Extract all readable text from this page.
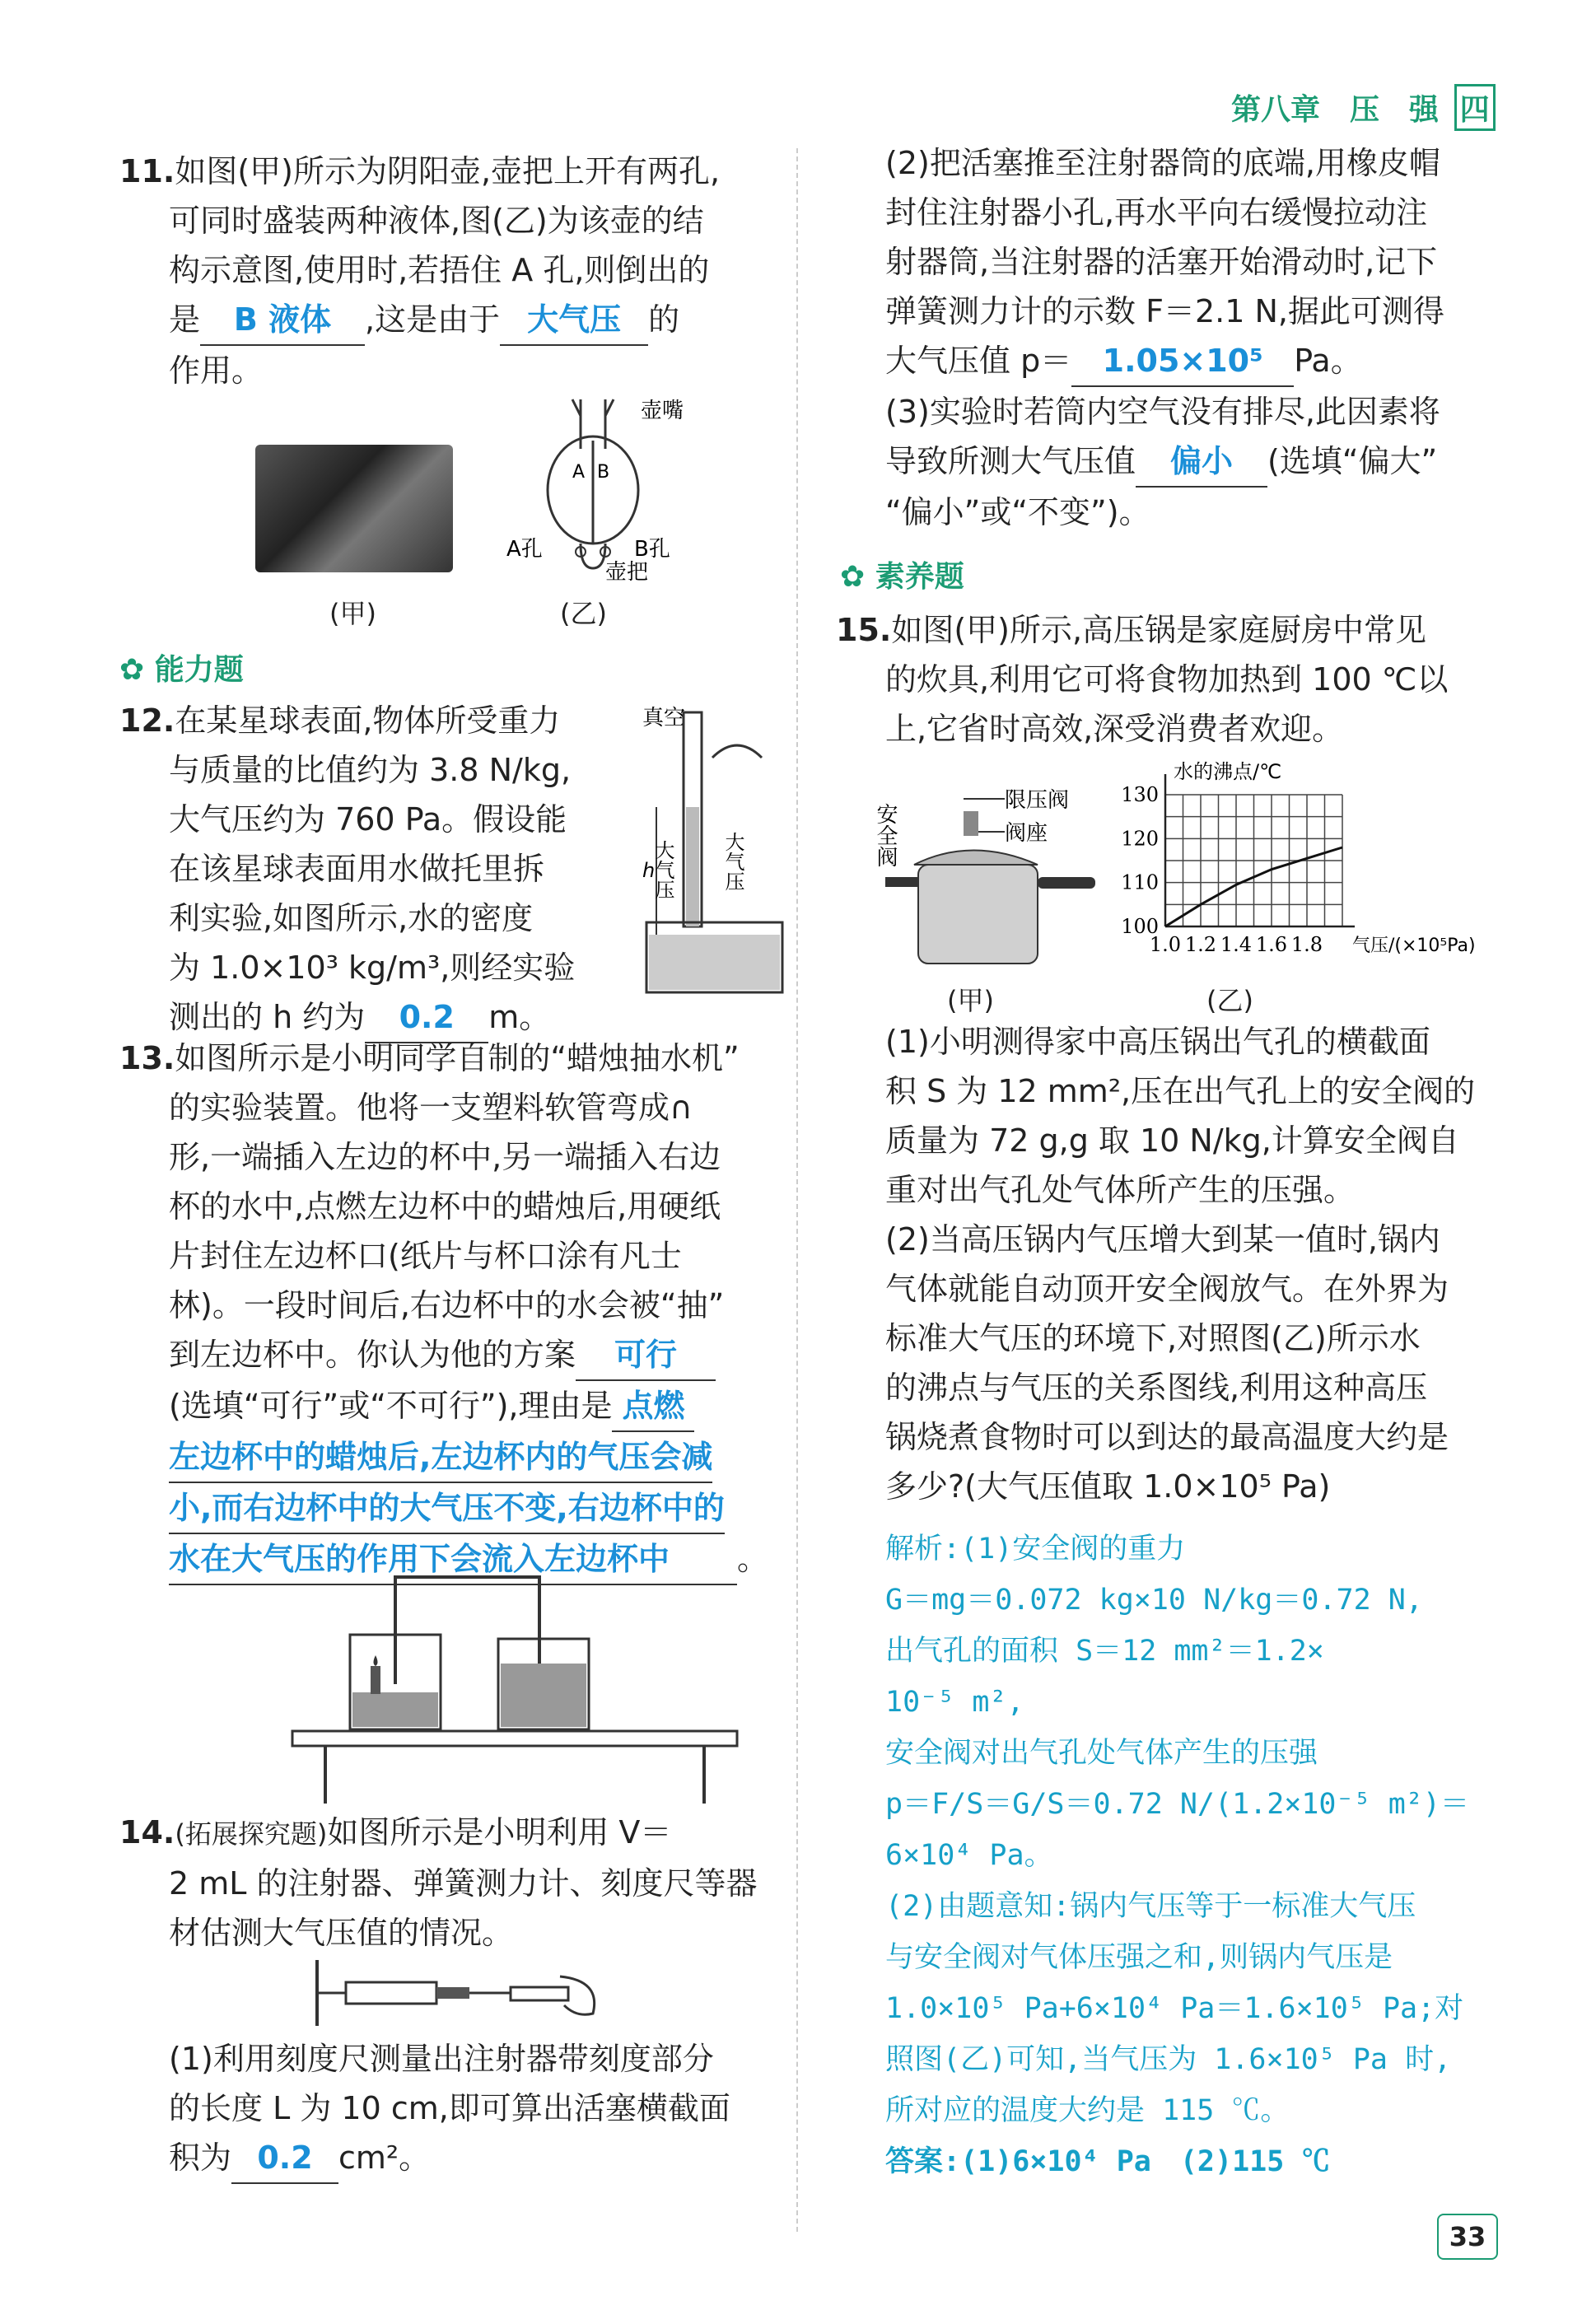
第八章　压　强 四
11.如图(甲)所示为阴阳壶,壶把上开有两孔,
可同时盛装两种液体,图(乙)为该壶的结
构示意图,使用时,若捂住 A 孔,则倒出的
是 B 液体 ,这是由于 大气压 的
作用。
A B
壶嘴
A孔	B孔
壶把
(甲)	(乙)
✿ 能力题
12.在某星球表面,物体所受重力
与质量的比值约为 3.8 N/kg,
大气压约为 760 Pa。假设能
在该星球表面用水做托里拆
利实验,如图所示,水的密度
为 1.0×10³ kg/m³,则经实验
测出的 h 约为 0.2 m。
真空
h
大气压 大气压
13.如图所示是小明同学自制的“蜡烛抽水机”
的实验装置。他将一支塑料软管弯成∩
形,一端插入左边的杯中,另一端插入右边
杯的水中,点燃左边杯中的蜡烛后,用硬纸
片封住左边杯口(纸片与杯口涂有凡士
林)。一段时间后,右边杯中的水会被“抽”
到左边杯中。你认为他的方案 可行
(选填“可行”或“不可行”),理由是 点燃
左边杯中的蜡烛后,左边杯内的气压会减
小,而右边杯中的大气压不变,右边杯中的
水在大气压的作用下会流入左边杯中 。
14.(拓展探究题)如图所示是小明利用 V＝
2 mL 的注射器、弹簧测力计、刻度尺等器
材估测大气压值的情况。
(1)利用刻度尺测量出注射器带刻度部分
的长度 L 为 10 cm,即可算出活塞横截面
积为 0.2 cm²。
(2)把活塞推至注射器筒的底端,用橡皮帽
封住注射器小孔,再水平向右缓慢拉动注
射器筒,当注射器的活塞开始滑动时,记下
弹簧测力计的示数 F＝2.1 N,据此可测得
大气压值 p＝ 1.05×10⁵ Pa。
(3)实验时若筒内空气没有排尽,此因素将
导致所测大气压值 偏小 (选填“偏大”
“偏小”或“不变”)。
✿ 素养题
15.如图(甲)所示,高压锅是家庭厨房中常见
的炊具,利用它可将食物加热到 100 ℃以
上,它省时高效,深受消费者欢迎。
安全阀
限压阀
阀座
(甲)
水的沸点/℃
100
110
120
130
1.0 1.2 1.4 1.6 1.8 气压/(×10⁵Pa)
(乙)
(1)小明测得家中高压锅出气孔的横截面
积 S 为 12 mm²,压在出气孔上的安全阀的
质量为 72 g,g 取 10 N/kg,计算安全阀自
重对出气孔处气体所产生的压强。
(2)当高压锅内气压增大到某一值时,锅内
气体就能自动顶开安全阀放气。在外界为
标准大气压的环境下,对照图(乙)所示水
的沸点与气压的关系图线,利用这种高压
锅烧煮食物时可以到达的最高温度大约是
多少?(大气压值取 1.0×10⁵ Pa)
解析:(1)安全阀的重力
G＝mg＝0.072 kg×10 N/kg＝0.72 N,
出气孔的面积 S＝12 mm²＝1.2×
10⁻⁵ m²,
安全阀对出气孔处气体产生的压强
p＝F/S＝G/S＝0.72 N/(1.2×10⁻⁵ m²)＝6×10⁴ Pa。
(2)由题意知:锅内气压等于一标准大气压
与安全阀对气体压强之和,则锅内气压是
1.0×10⁵ Pa+6×10⁴ Pa＝1.6×10⁵ Pa;对
照图(乙)可知,当气压为 1.6×10⁵ Pa 时,
所对应的温度大约是 115 ℃。
答案:(1)6×10⁴ Pa　(2)115 ℃
33
